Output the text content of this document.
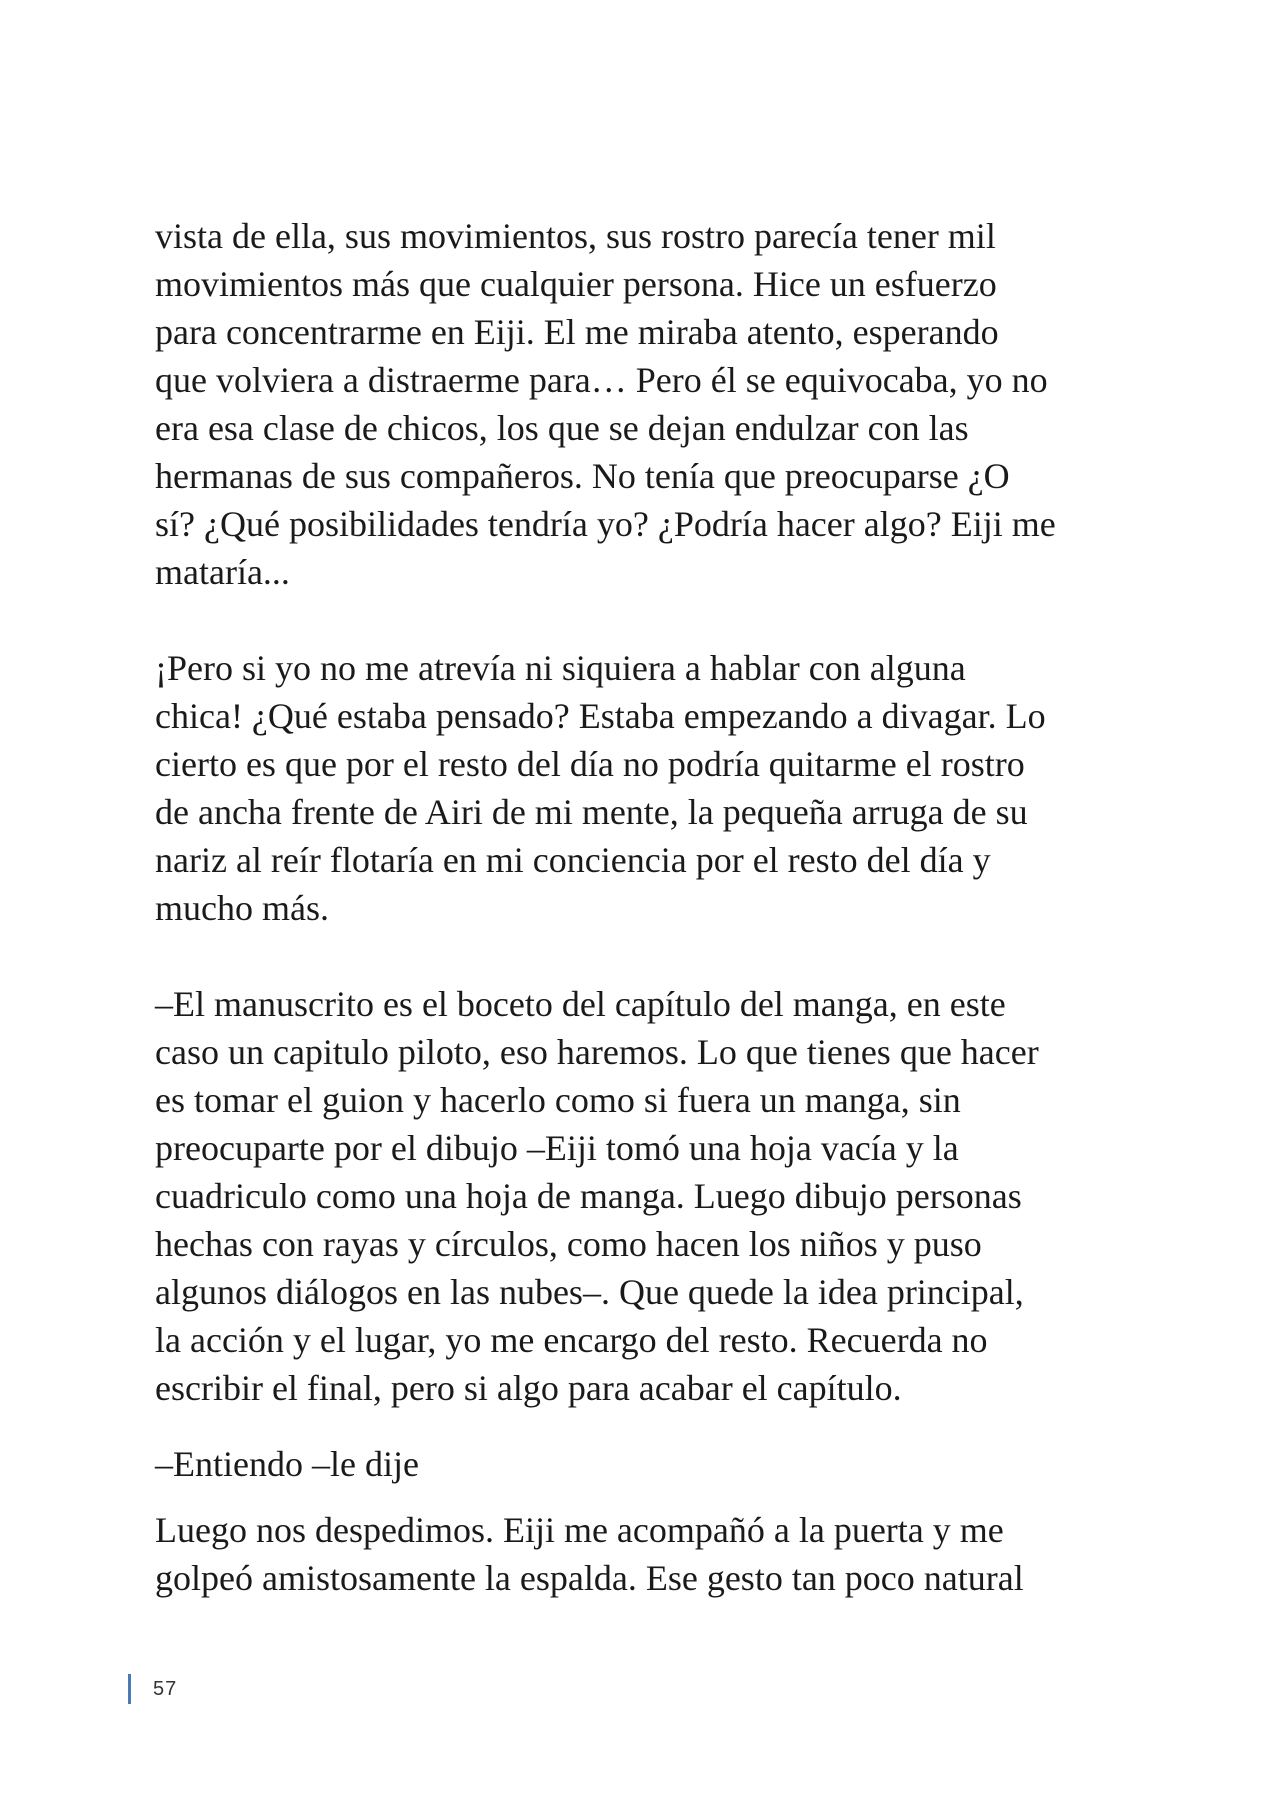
vista de ella, sus movimientos, sus rostro parecía tener mil
movimientos más que cualquier persona. Hice un esfuerzo
para concentrarme en Eiji. El me miraba atento, esperando
que volviera a distraerme para… Pero él se equivocaba, yo no
era esa clase de chicos, los que se dejan endulzar con las
hermanas de sus compañeros. No tenía que preocuparse ¿O
sí? ¿Qué posibilidades tendría yo? ¿Podría hacer algo? Eiji me
mataría...

¡Pero si yo no me atrevía ni siquiera a hablar con alguna
chica! ¿Qué estaba pensado? Estaba empezando a divagar. Lo
cierto es que por el resto del día no podría quitarme el rostro
de ancha frente de Airi de mi mente, la pequeña arruga de su
nariz al reír flotaría en mi conciencia por el resto del día y
mucho más.

–El manuscrito es el boceto del capítulo del manga, en este
caso un capitulo piloto, eso haremos. Lo que tienes que hacer
es tomar el guion y hacerlo como si fuera un manga, sin
preocuparte por el dibujo –Eiji tomó una hoja vacía y la
cuadriculo como una hoja de manga. Luego dibujo personas
hechas con rayas y círculos, como hacen los niños y puso
algunos diálogos en las nubes–. Que quede la idea principal,
la acción y el lugar, yo me encargo del resto. Recuerda no
escribir el final, pero si algo para acabar el capítulo.

–Entiendo –le dije

Luego nos despedimos. Eiji me acompañó a la puerta y me
golpeó amistosamente la espalda. Ese gesto tan poco natural

57
